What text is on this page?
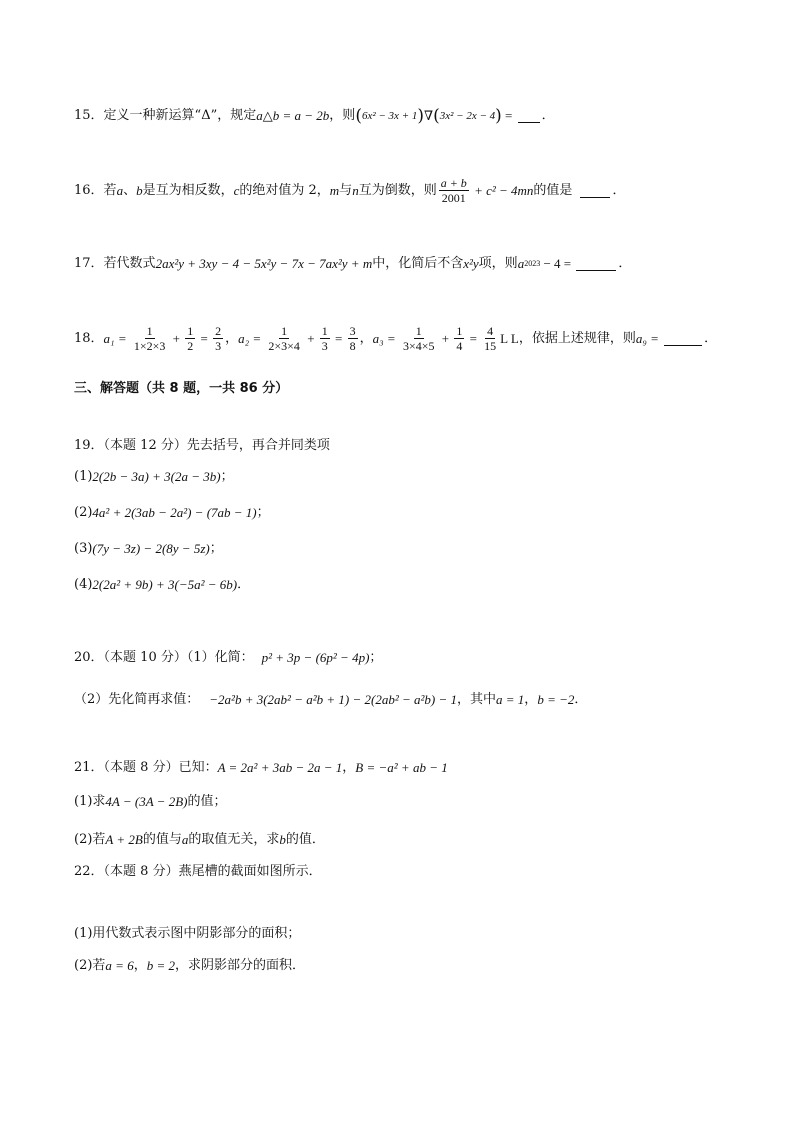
15． 定义一种新运算“ Δ ”，规定 a△b = a − 2b ，则 ( 6x² − 3x + 1 ) ∇ ( 3x² − 2x − 4 ) = ．
16． 若 a 、 b 是互为相反数， c 的绝对值为 2， m 与 n 互为倒数，则 $\frac{a + b}{2001} + c^2 - 4mn$ 的值是	．
17． 若代数式 2ax²y + 3xy − 4 − 5x²y − 7x − 7ax²y + m 中，化简后不含 x²y 项，则 a 2023 − 4 =	．
18． $a_1 = \frac{1}{1\times 2\times 3} + \frac{1}{2} = \frac{2}{3}$ ， $a_2 = \frac{1}{2\times 3\times 4} + \frac{1}{3} = \frac{3}{8}$ ， $a_3 = \frac{1}{3\times 4\times 5} + \frac{1}{4} = \frac{4}{15}$ L L ，依据上述规律，则 a₉ =	．
三、解答题（共 8 题，一共 86 分）
19．（本题 12 分）先去括号，再合并同类项
(1) 2(2b − 3a) + 3(2a − 3b) ；
(2) 4a² + 2(3ab − 2a²) − (7ab − 1) ；
(3) (7y − 3z) − 2(8y − 5z) ；
(4) 2(2a² + 9b) + 3(−5a² − 6b) ．
20．（本题 10 分）（1）化简： p² + 3p − (6p² − 4p) ；
（2）先化简再求值： −2a²b + 3(2ab² − a²b + 1) − 2(2ab² − a²b) − 1 ，其中 a = 1 ， b = −2 ．
21．（本题 8 分）已知： A = 2a² + 3ab − 2a − 1 ， B = −a² + ab − 1
(1)求 4A − (3A − 2B) 的值；
(2)若 A + 2B 的值与 a 的取值无关，求 b 的值．
22．（本题 8 分）燕尾槽的截面如图所示．
(1)用代数式表示图中阴影部分的面积；
(2)若 a = 6 ， b = 2 ，求阴影部分的面积．
